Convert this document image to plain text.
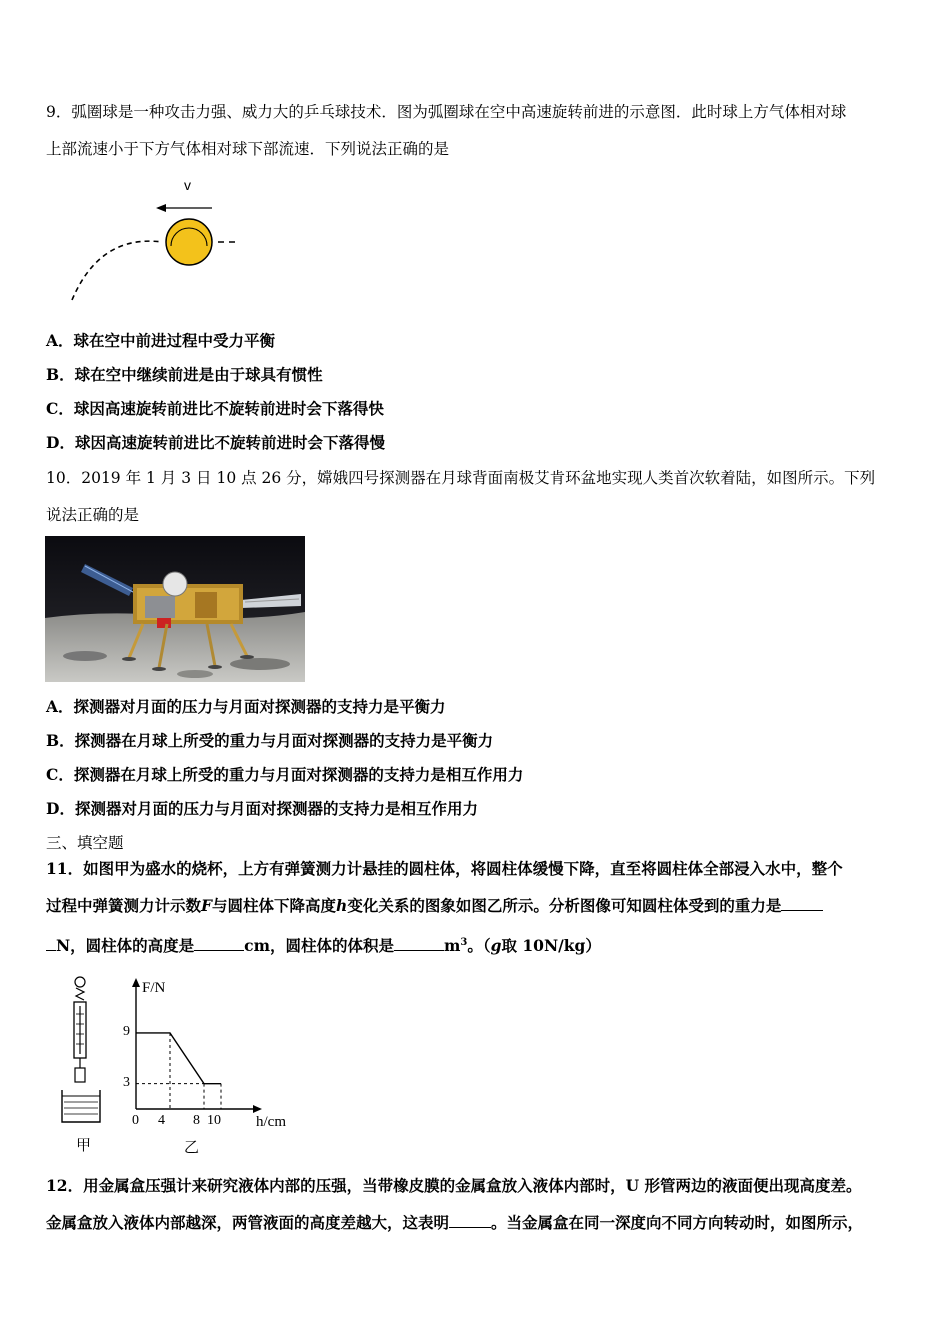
9．弧圈球是一种攻击力强、威力大的乒乓球技术．图为弧圈球在空中高速旋转前进的示意图．此时球上方气体相对球
上部流速小于下方气体相对球下部流速．下列说法正确的是
v
A．球在空中前进过程中受力平衡
B．球在空中继续前进是由于球具有惯性
C．球因高速旋转前进比不旋转前进时会下落得快
D．球因高速旋转前进比不旋转前进时会下落得慢
10．2019 年 1 月 3 日 10 点 26 分，嫦娥四号探测器在月球背面南极艾肯环盆地实现人类首次软着陆，如图所示。下列
说法正确的是
A．探测器对月面的压力与月面对探测器的支持力是平衡力
B．探测器在月球上所受的重力与月面对探测器的支持力是平衡力
C．探测器在月球上所受的重力与月面对探测器的支持力是相互作用力
D．探测器对月面的压力与月面对探测器的支持力是相互作用力
三、填空题
11．如图甲为盛水的烧杯，上方有弹簧测力计悬挂的圆柱体，将圆柱体缓慢下降，直至将圆柱体全部浸入水中，整个
过程中弹簧测力计示数F与圆柱体下降高度h变化关系的图象如图乙所示。分析图像可知圆柱体受到的重力是
N，圆柱体的高度是	cm，圆柱体的体积是	$m^3$。（g取 10N/kg）
甲
F/N
h/cm
9
3
0 4 8 10
乙
12．用金属盒压强计来研究液体内部的压强，当带橡皮膜的金属盒放入液体内部时，U 形管两边的液面便出现高度差。
金属盒放入液体内部越深，两管液面的高度差越大，这表明	。当金属盒在同一深度向不同方向转动时，如图所示，
